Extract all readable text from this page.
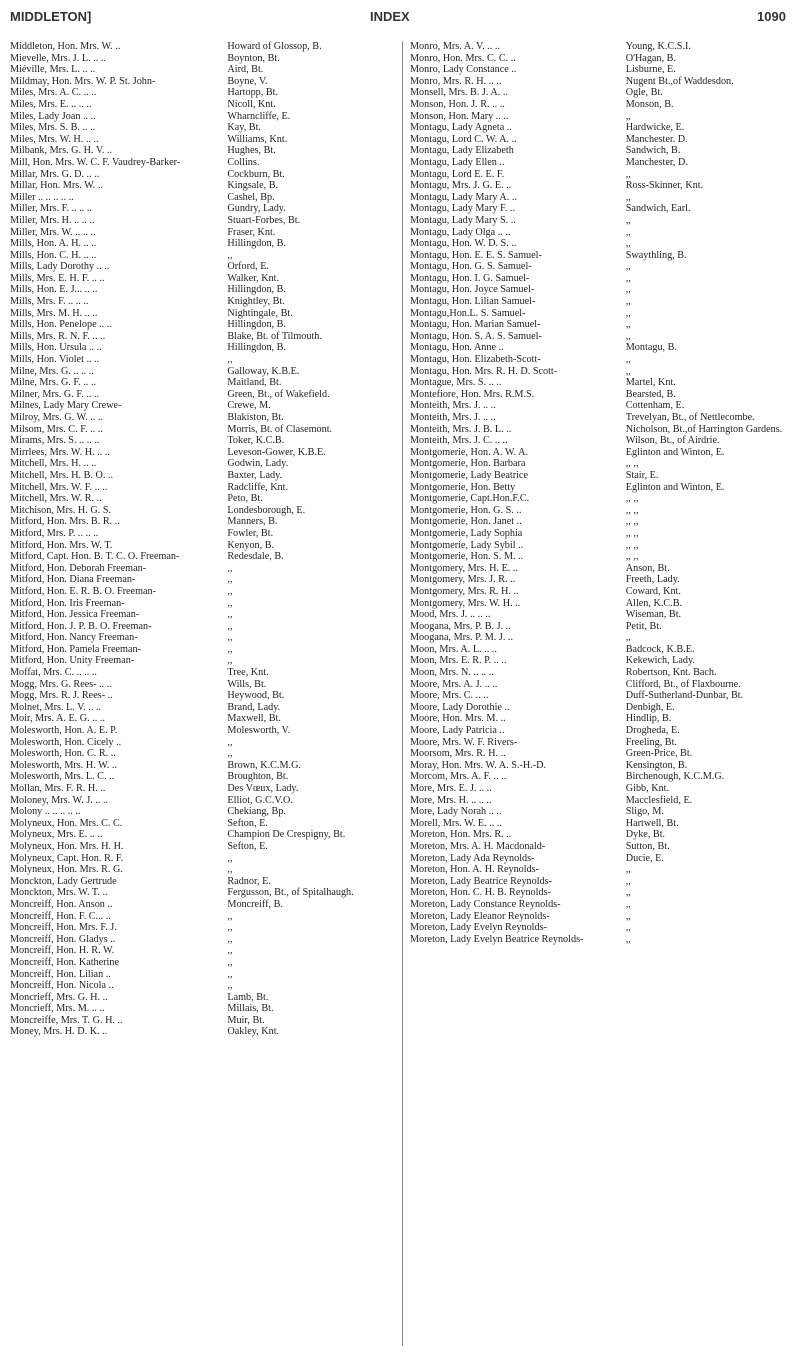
MIDDLETON]	INDEX	1090
Middleton, Hon. Mrs. W. ..	Howard of Glossop, B.
Mievelle, Mrs. J. L. .. ..	Boynton, Bt.
Miéville, Mrs. L. .. ..	Aird, Bt.
Mildmay, Hon. Mrs. W. P. St. John-	Boyne, V.
Miles, Mrs. A. C. .. ..	Hartopp, Bt.
Miles, Mrs. E. .. .. ..	Nicoll, Knt.
Miles, Lady Joan .. ..	Wharncliffe, E.
Miles, Mrs. S. B. .. ..	Kay, Bt.
Miles, Mrs. W. H. .. ..	Williams, Knt.
Milbank, Mrs. G. H. V. ..	Hughes, Bt.
Mill, Hon. Mrs. W. C. F. Vaudrey-Barker-	Collins.
Millar, Mrs. G. D. .. ..	Cockburn, Bt.
Millar, Hon. Mrs. W. ..	Kingsale, B.
Miller .. .. .. .. ..	Cashel, Bp.
Miller, Mrs. F. .. .. ..	Gundry, Lady.
Miller, Mrs. H. .. .. ..	Stuart-Forbes, Bt.
Miller, Mrs. W. .. .. ..	Fraser, Knt.
Mills, Hon. A. H. .. ..	Hillingdon, B.
Mills, Hon. C. H. .. ..	,,
Mills, Lady Dorothy .. ..	Orford, E.
Mills, Mrs. E. H. F. .. ..	Walker, Knt.
Mills, Hon. E. J... .. ..	Hillingdon, B.
Mills, Mrs. F. .. .. ..	Knightley, Bt.
Mills, Mrs. M. H. .. ..	Nightingale, Bt.
Mills, Hon. Penelope .. ..	Hillingdon, B.
Mills, Mrs. R. N. F. .. ..	Blake, Bt. of Tilmouth.
Mills, Hon. Ursula .. ..	Hillingdon, B.
Mills, Hon. Violet .. ..	,,
Milne, Mrs. G. .. .. ..	Galloway, K.B.E.
Milne, Mrs. G. F. .. ..	Maitland, Bt.
Milner, Mrs. G. F. .. ..	Green, Bt., of Wakefield.
Milnes, Lady Mary Crewe-	Crewe, M.
Milroy, Mrs. G. W. .. ..	Blakiston, Bt.
Milsom, Mrs. C. F. .. ..	Morris, Bt. of Clasemont.
Mirams, Mrs. S. .. .. ..	Toker, K.C.B.
Mirrlees, Mrs. W. H. .. ..	Leveson-Gower, K.B.E.
Mitchell, Mrs. H. .. ..	Godwin, Lady.
Mitchell, Mrs. H. B. O. ..	Baxter, Lady.
Mitchell, Mrs. W. F. .. ..	Radcliffe, Knt.
Mitchell, Mrs. W. R. ..	Peto, Bt.
Mitchison, Mrs. H. G. S.	Londesborough, E.
Mitford, Hon. Mrs. B. R. ..	Manners, B.
Mitford, Mrs. P. .. .. ..	Fowler, Bt.
Mitford, Hon. Mrs. W. T.	Kenyon, B.
Mitford, Capt. Hon. B. T. C. O. Freeman-	Redesdale, B.
Mitford, Hon. Deborah Freeman-	,,
Mitford, Hon. Diana Freeman-	,,
Mitford, Hon. E. R. B. O. Freeman-	,,
Mitford, Hon. Iris Freeman-	,,
Mitford, Hon. Jessica Freeman-	,,
Mitford, Hon. J. P. B. O. Freeman-	,,
Mitford, Hon. Nancy Freeman-	,,
Mitford, Hon. Pamela Freeman-	,,
Mitford, Hon. Unity Freeman-	,,
Moffat, Mrs. C. .. .. ..	Tree, Knt.
Mogg, Mrs. G. Rees- .. ..	Wills, Bt.
Mogg, Mrs. R. J. Rees- ..	Heywood, Bt.
Molnet, Mrs. L. V. .. ..	Brand, Lady.
Moir, Mrs. A. E. G. .. ..	Maxwell, Bt.
Molesworth, Hon. A. E. P.	Molesworth, V.
Molesworth, Hon. Cicely ..	,,
Molesworth, Hon. C. R. ..	,,
Molesworth, Mrs. H. W. ..	Brown, K.C.M.G.
Molesworth, Mrs. L. C. ..	Broughton, Bt.
Mollan, Mrs. F. R. H. ..	Des Vœux, Lady.
Moloney, Mrs. W. J. .. ..	Elliot, G.C.V.O.
Molony .. .. .. .. ..	Chekiang, Bp.
Molyneux, Hon. Mrs. C. C.	Sefton, E.
Molyneux, Mrs. E. .. ..	Champion De Crespigny, Bt.
Molyneux, Hon. Mrs. H. H.	Sefton, E.
Molyneux, Capt. Hon. R. F.	,,
Molyneux, Hon. Mrs. R. G.	,,
Monckton, Lady Gertrude	Radnor, E.
Monckton, Mrs. W. T. ..	Fergusson, Bt., of Spitalhaugh.
Moncreiff, Hon. Anson ..	Moncreiff, B.
Moncreiff, Hon. F. C... ..	,,
Moncreiff, Hon. Mrs. F. J.	,,
Moncreiff, Hon. Gladys ..	,,
Moncreiff, Hon. H. R. W.	,,
Moncreiff, Hon. Katherine	,,
Moncreiff, Hon. Lilian ..	,,
Moncreiff, Hon. Nicola ..	,,
Moncrieff, Mrs. G. H. ..	Lamb, Bt.
Moncrieff, Mrs. M. .. ..	Millais, Bt.
Moncreiffe, Mrs. T. G. H. ..	Muir, Bt.
Money, Mrs. H. D. K. ..	Oakley, Knt.
Monro, Mrs. A. V. .. ..	Young, K.C.S.I.
Monro, Hon. Mrs. C. C. ..	O'Hagan, B.
Monro, Lady Constance ..	Lisburne, E.
Monro, Mrs. R. H. .. ..	Nugent Bt.,of Waddesdon.
Monsell, Mrs. B. J. A. ..	Ogle, Bt.
Monson, Hon. J. R. .. ..	Monson, B.
Monson, Hon. Mary .. ..	,,
Montagu, Lady Agneta ..	Hardwicke, E.
Montagu, Lord C. W. A. ..	Manchester. D.
Montagu, Lady Elizabeth	Sandwich, B.
Montagu, Lady Ellen ..	Manchester, D.
Montagu, Lord E. E. F.	,,
Montagu, Mrs. J. G. E. ..	Ross-Skinner, Knt.
Montagu, Lady Mary A. ..	,,
Montagu, Lady Mary F. ..	Sandwich, Earl.
Montagu, Lady Mary S. ..	,,
Montagu, Lady Olga .. ..	,,
Montagu, Hon. W. D. S. ..	,,
Montagu, Hon. E. E. S. Samuel-	Swaythling, B.
Montagu, Hon. G. S. Samuel-	,,
Montagu, Hon. I. G. Samuel-	,,
Montagu, Hon. Joyce Samuel-	,,
Montagu, Hon. Lilian Samuel-	,,
Montagu,Hon.L. S. Samuel-	,,
Montagu, Hon. Marian Samuel-	,,
Montagu, Hon. S. A. S. Samuel-	,,
Montagu, Hon. Anne ..	Montagu, B.
Montagu, Hon. Elizabeth-Scott-	,,
Montagu, Hon. Mrs. R. H. D. Scott-	,,
Montague, Mrs. S. .. ..	Martel, Knt.
Montefiore, Hon. Mrs. R.M.S.	Bearsted, B.
Monteith, Mrs. J. .. ..	Cottenham, E.
Monteith, Mrs. J. .. ..	Trevelyan, Bt., of Nettlecombe.
Monteith, Mrs. J. B. L. ..	Nicholson, Bt.,of Harrington Gardens.
Monteith, Mrs. J. C. .. ..	Wilson, Bt., of Airdrie.
Montgomerie, Hon. A. W. A.	Eglinton and Winton, E.
Montgomerie, Hon. Barbara	,, ,,
Montgomerie, Lady Beatrice	Stair, E.
Montgomerie, Hon. Betty	Eglinton and Winton, E.
Montgomerie, Capt.Hon.F.C.	,, ,,
Montgomerie, Hon. G. S. ..	,, ,,
Montgomerie, Hon. Janet ..	,, ,,
Montgomerie, Lady Sophia	,, ,,
Montgomerie, Lady Sybil ..	,, ,,
Montgomerie, Hon. S. M. ..	,, ,,
Montgomery, Mrs. H. E. ..	Anson, Bt.
Montgomery, Mrs. J. R. ..	Freeth, Lady.
Montgomery, Mrs. R. H. ..	Coward, Knt.
Montgomery, Mrs. W. H. ..	Allen, K.C.B.
Mood, Mrs. J. .. .. ..	Wiseman, Bt.
Moogana, Mrs. P. B. J. ..	Petit, Bt.
Moogana, Mrs. P. M. J. ..	,,
Moon, Mrs. A. L. .. ..	Badcock, K.B.E.
Moon, Mrs. E. R. P. .. ..	Kekewich, Lady.
Moon, Mrs. N. .. .. ..	Robertson, Knt. Bach.
Moore, Mrs. A. J. .. ..	Clifford, Bt., of Flaxbourne.
Moore, Mrs. C. .. ..	Duff-Sutherland-Dunbar, Bt.
Moore, Lady Dorothie ..	Denbigh, E.
Moore, Hon. Mrs. M. ..	Hindlip, B.
Moore, Lady Patricia ..	Drogheda, E.
Moore, Mrs. W. F. Rivers-	Freeling, Bt.
Moorsom, Mrs. R. H. ..	Green-Price, Bt.
Moray, Hon. Mrs. W. A. S.-H.-D.	Kensington, B.
Morcom, Mrs. A. F. .. ..	Birchenough, K.C.M.G.
More, Mrs. E. J. .. ..	Gibb, Knt.
More, Mrs. H. .. .. ..	Macclesfield, E.
More, Lady Norah .. ..	Sligo, M.
Morell, Mrs. W. E. .. ..	Hartwell, Bt.
Moreton, Hon. Mrs. R. ..	Dyke, Bt.
Moreton, Mrs. A. H. Macdonald-	Sutton, Bt.
Moreton, Lady Ada Reynolds-	Ducie, E.
Moreton, Hon. A. H. Reynolds-	,,
Moreton, Lady Beatrice Reynolds-	,,
Moreton, Hon. C. H. B. Reynolds-	,,
Moreton, Lady Constance Reynolds-	,,
Moreton, Lady Eleanor Reynolds-	,,
Moreton, Lady Evelyn Reynolds-	,,
Moreton, Lady Evelyn Beatrice Reynolds-	,,
